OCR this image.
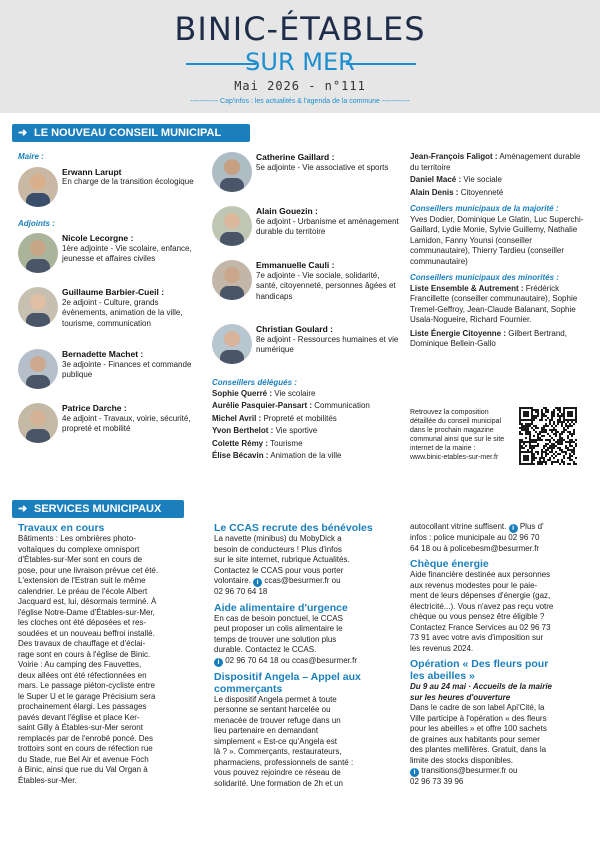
BINIC-ÉTABLES
SUR MER
Mai 2026 - n°111
------------ Cap'infos : les actualités & l'agenda de la commune ------------
➜ LE NOUVEAU CONSEIL MUNICIPAL
Maire :
Erwann Larupt
En charge de la transition écologique
Adjoints :
Nicole Lecorgne :
1ère adjointe - Vie scolaire, enfance, jeunesse et affaires civiles
Guillaume Barbier-Cueil :
2e adjoint - Culture, grands évènements, animation de la ville, tourisme, communication
Bernadette Machet :
3e adjointe - Finances et commande publique
Patrice Darche :
4e adjoint - Travaux, voirie, sécurité, propreté et mobilité
Catherine Gaillard :
5e adjointe - Vie associative et sports
Alain Gouezin :
6e adjoint - Urbanisme et aménagement durable du territoire
Emmanuelle Cauli :
7e adjointe - Vie sociale, solidarité, santé, citoyenneté, personnes âgées et handicaps
Christian Goulard :
8e adjoint - Ressources humaines et vie numérique
Conseillers délégués :
Sophie Querré : Vie scolaire
Aurélie Pasquier-Pansart : Communication
Michel Avril : Propreté et mobilités
Yvon Berthelot : Vie sportive
Colette Rémy : Tourisme
Élise Bécavin : Animation de la ville
Jean-François Faligot : Aménagement durable du territoire
Daniel Macé : Vie sociale
Alain Denis : Citoyenneté
Conseillers municipaux de la majorité :
Yves Dodier, Dominique Le Glatin, Luc Superchi-Gaillard, Lydie Monie, Sylvie Guillemy, Nathalie Lamidon, Fanny Younsi (conseiller communautaire), Thierry Tardieu (conseiller communautaire)
Conseillers municipaux des minorités :
Liste Ensemble & Autrement : Frédérick Francillette (conseiller communautaire), Sophie Tremel-Geffroy, Jean-Claude Balanant, Sophie Usala-Nogueire, Richard Fournier.
Liste Énergie Citoyenne : Gilbert Bertrand, Dominique Bellein-Gallo
Retrouvez la composition détaillée du conseil municipal dans le prochain magazine communal ainsi que sur le site internet de la mairie :
www.binic-etables-sur-mer.fr
➜ SERVICES MUNICIPAUX
Travaux en cours
Bâtiments : Les ombrières photo-
voltaïques du complexe omnisport
d'Étables-sur-Mer sont en cours de
pose, pour une livraison prévue cet été.
L'extension de l'Estran suit le même
calendrier. Le préau de l'école Albert
Jacquard est, lui, désormais terminé. À
l'église Notre-Dame d'Étables-sur-Mer,
les cloches ont été déposées et res-
soudées et un nouveau beffroi installé.
Des travaux de chauffage et d'éclai-
rage sont en cours à l'église de Binic.
Voirie : Au camping des Fauvettes,
deux allées ont été réfectionnées en
mars. Le passage piéton-cycliste entre
le Super U et le garage Précisium sera
prochainement élargi. Les passages
pavés devant l'église et place Ker-
saint Gilly à Étables-sur-Mer seront
remplacés par de l'enrobé poncé. Des
trottoirs sont en cours de réfection rue
du Stade, rue Bel Air et avenue Foch
à Binic, ainsi que rue du Val Organ à
Étables-sur-Mer.
Le CCAS recrute des bénévoles
La navette (minibus) du MobyDick a
besoin de conducteurs ! Plus d'infos
sur le site internet, rubrique Actualités.
Contactez le CCAS pour vous porter
volontaire. i ccas@besurmer.fr ou
02 96 70 64 18
Aide alimentaire d'urgence
En cas de besoin ponctuel, le CCAS
peut proposer un colis alimentaire le
temps de trouver une solution plus
durable. Contactez le CCAS.
i 02 96 70 64 18 ou ccas@besurmer.fr
Dispositif Angela – Appel aux
commerçants
Le dispositif Angela permet à toute
personne se sentant harcelée ou
menacée de trouver refuge dans un
lieu partenaire en demandant
simplement « Est-ce qu'Angela est
là ? ». Commerçants, restaurateurs,
pharmaciens, professionnels de santé :
vous pouvez rejoindre ce réseau de
solidarité. Une formation de 2h et un
autocollant vitrine suffisent. i Plus d'
infos : police municipale au 02 96 70
64 18 ou à policebesm@besurmer.fr
Chèque énergie
Aide financière destinée aux personnes
aux revenus modestes pour le paie-
ment de leurs dépenses d'énergie (gaz,
électricité...). Vous n'avez pas reçu votre
chèque ou vous pensez être éligible ?
Contactez France Services au 02 96 73
73 91 avec votre avis d'imposition sur
les revenus 2024.
Opération « Des fleurs pour
les abeilles »
Du 9 au 24 mai · Accueils de la mairie
sur les heures d'ouverture
Dans le cadre de son label Api'Cité, la
Ville participe à l'opération « des fleurs
pour les abeilles » et offre 100 sachets
de graines aux habitants pour semer
des plantes mellifères. Gratuit, dans la
limite des stocks disponibles.
i transitions@besurmer.fr ou
02 96 73 39 96
